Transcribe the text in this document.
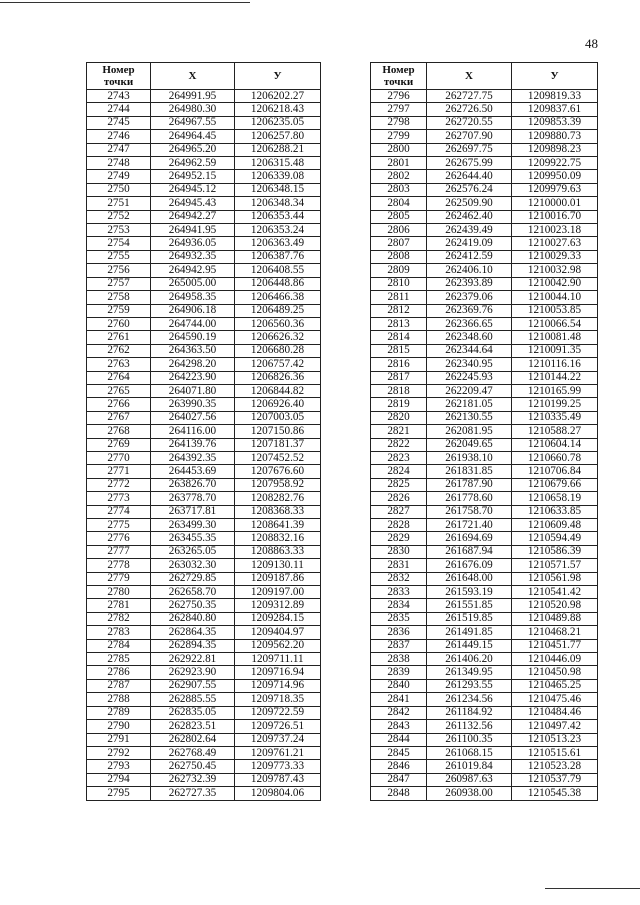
48
Номер
точки	Х	У
2743	264991.95	1206202.27
2744	264980.30	1206218.43
2745	264967.55	1206235.05
2746	264964.45	1206257.80
2747	264965.20	1206288.21
2748	264962.59	1206315.48
2749	264952.15	1206339.08
2750	264945.12	1206348.15
2751	264945.43	1206348.34
2752	264942.27	1206353.44
2753	264941.95	1206353.24
2754	264936.05	1206363.49
2755	264932.35	1206387.76
2756	264942.95	1206408.55
2757	265005.00	1206448.86
2758	264958.35	1206466.38
2759	264906.18	1206489.25
2760	264744.00	1206560.36
2761	264590.19	1206626.32
2762	264363.50	1206680.28
2763	264298.20	1206757.42
2764	264223.90	1206826.36
2765	264071.80	1206844.82
2766	263990.35	1206926.40
2767	264027.56	1207003.05
2768	264116.00	1207150.86
2769	264139.76	1207181.37
2770	264392.35	1207452.52
2771	264453.69	1207676.60
2772	263826.70	1207958.92
2773	263778.70	1208282.76
2774	263717.81	1208368.33
2775	263499.30	1208641.39
2776	263455.35	1208832.16
2777	263265.05	1208863.33
2778	263032.30	1209130.11
2779	262729.85	1209187.86
2780	262658.70	1209197.00
2781	262750.35	1209312.89
2782	262840.80	1209284.15
2783	262864.35	1209404.97
2784	262894.35	1209562.20
2785	262922.81	1209711.11
2786	262923.90	1209716.94
2787	262907.55	1209714.96
2788	262885.55	1209718.35
2789	262835.05	1209722.59
2790	262823.51	1209726.51
2791	262802.64	1209737.24
2792	262768.49	1209761.21
2793	262750.45	1209773.33
2794	262732.39	1209787.43
2795	262727.35	1209804.06
Номер
точки	Х	У
2796	262727.75	1209819.33
2797	262726.50	1209837.61
2798	262720.55	1209853.39
2799	262707.90	1209880.73
2800	262697.75	1209898.23
2801	262675.99	1209922.75
2802	262644.40	1209950.09
2803	262576.24	1209979.63
2804	262509.90	1210000.01
2805	262462.40	1210016.70
2806	262439.49	1210023.18
2807	262419.09	1210027.63
2808	262412.59	1210029.33
2809	262406.10	1210032.98
2810	262393.89	1210042.90
2811	262379.06	1210044.10
2812	262369.76	1210053.85
2813	262366.65	1210066.54
2814	262348.60	1210081.48
2815	262344.64	1210091.35
2816	262340.95	1210116.16
2817	262245.93	1210144.22
2818	262209.47	1210165.99
2819	262181.05	1210199.25
2820	262130.55	1210335.49
2821	262081.95	1210588.27
2822	262049.65	1210604.14
2823	261938.10	1210660.78
2824	261831.85	1210706.84
2825	261787.90	1210679.66
2826	261778.60	1210658.19
2827	261758.70	1210633.85
2828	261721.40	1210609.48
2829	261694.69	1210594.49
2830	261687.94	1210586.39
2831	261676.09	1210571.57
2832	261648.00	1210561.98
2833	261593.19	1210541.42
2834	261551.85	1210520.98
2835	261519.85	1210489.88
2836	261491.85	1210468.21
2837	261449.15	1210451.77
2838	261406.20	1210446.09
2839	261349.95	1210450.98
2840	261293.55	1210465.25
2841	261234.56	1210475.46
2842	261184.92	1210484.46
2843	261132.56	1210497.42
2844	261100.35	1210513.23
2845	261068.15	1210515.61
2846	261019.84	1210523.28
2847	260987.63	1210537.79
2848	260938.00	1210545.38
